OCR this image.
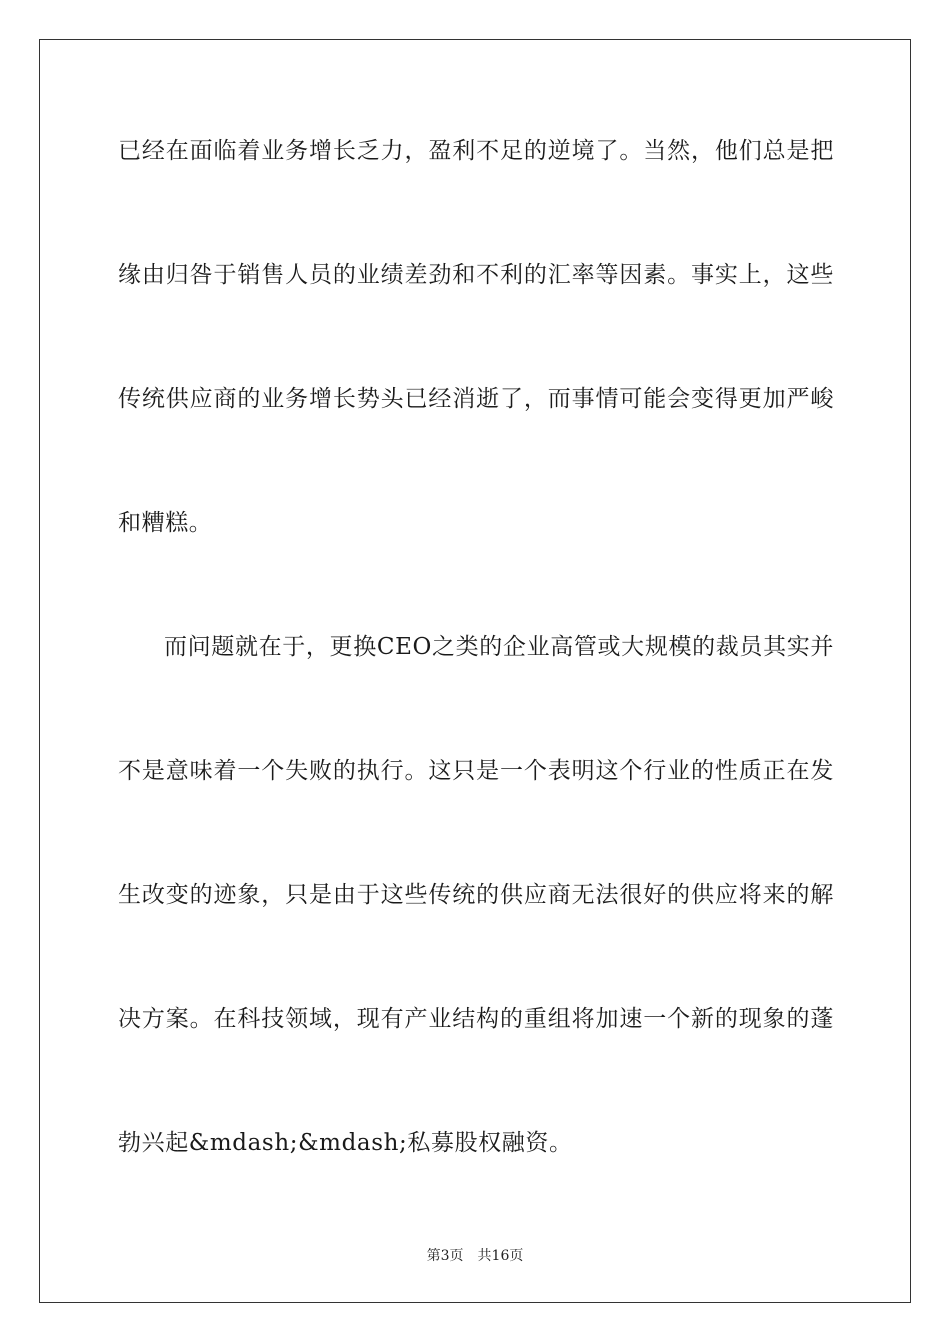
已经在面临着业务增长乏力，盈利不足的逆境了。当然，他们总是把
缘由归咎于销售人员的业绩差劲和不利的汇率等因素。事实上，这些
传统供应商的业务增长势头已经消逝了，而事情可能会变得更加严峻
和糟糕。
而问题就在于，更换CEO之类的企业高管或大规模的裁员其实并
不是意味着一个失败的执行。这只是一个表明这个行业的性质正在发
生改变的迹象，只是由于这些传统的供应商无法很好的供应将来的解
决方案。在科技领域，现有产业结构的重组将加速一个新的现象的蓬
勃兴起&mdash;&mdash;私募股权融资。
第3页 共16页
